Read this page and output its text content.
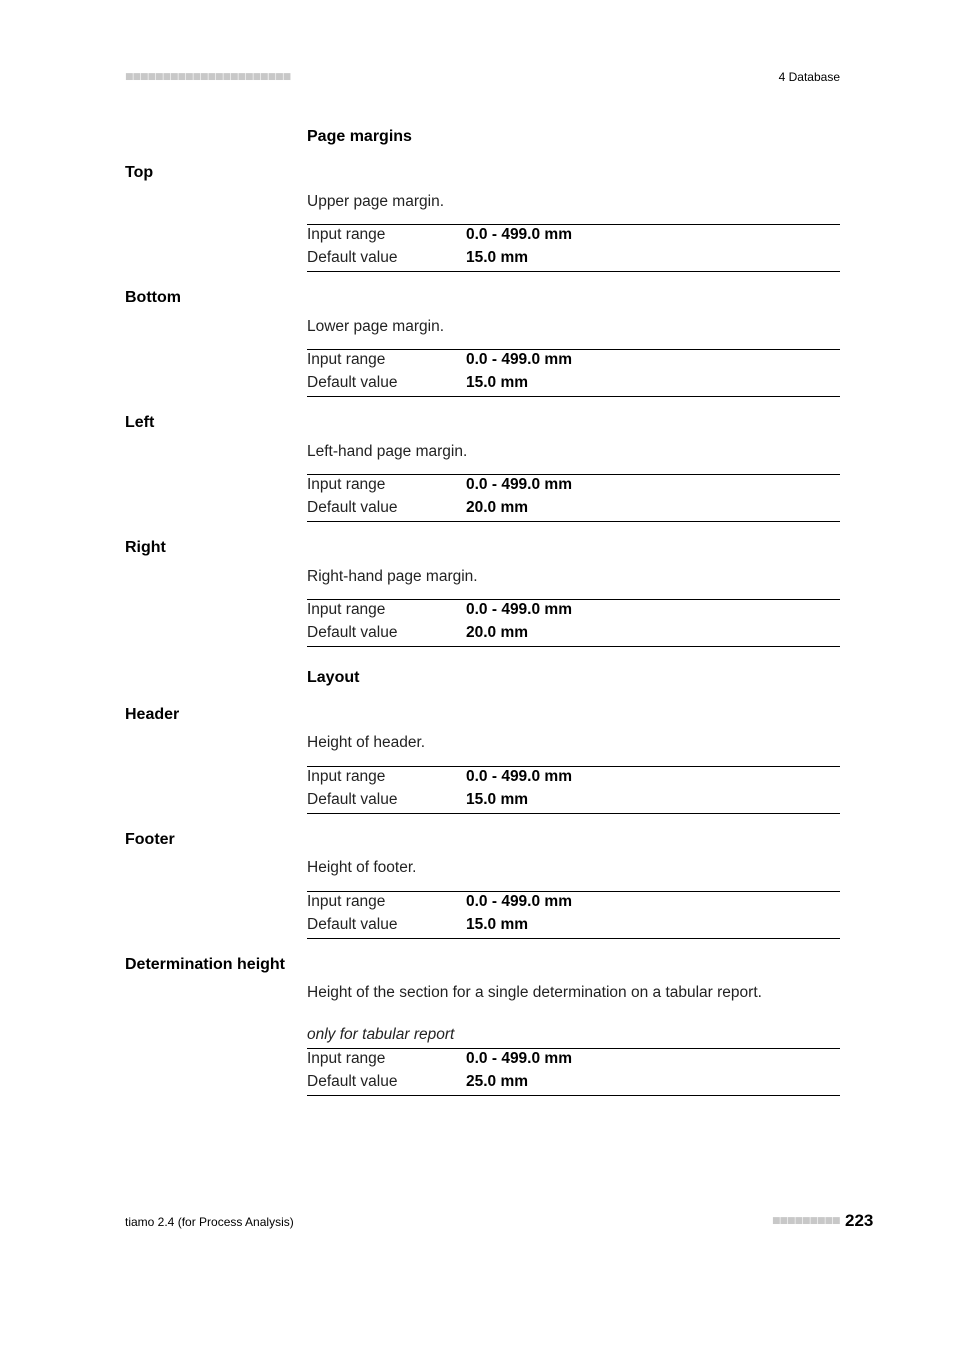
■■■■■■■■■■■■■■■■■■■■■■	4 Database
Page margins
Top
Upper page margin.
Input range	0.0 - 499.0 mm
Default value	15.0 mm
Bottom
Lower page margin.
Input range	0.0 - 499.0 mm
Default value	15.0 mm
Left
Left-hand page margin.
Input range	0.0 - 499.0 mm
Default value	20.0 mm
Right
Right-hand page margin.
Input range	0.0 - 499.0 mm
Default value	20.0 mm
Layout
Header
Height of header.
Input range	0.0 - 499.0 mm
Default value	15.0 mm
Footer
Height of footer.
Input range	0.0 - 499.0 mm
Default value	15.0 mm
Determination height
Height of the section for a single determination on a tabular report.
only for tabular report
Input range	0.0 - 499.0 mm
Default value	25.0 mm
tiamo 2.4 (for Process Analysis)	■■■■■■■■■ 223
